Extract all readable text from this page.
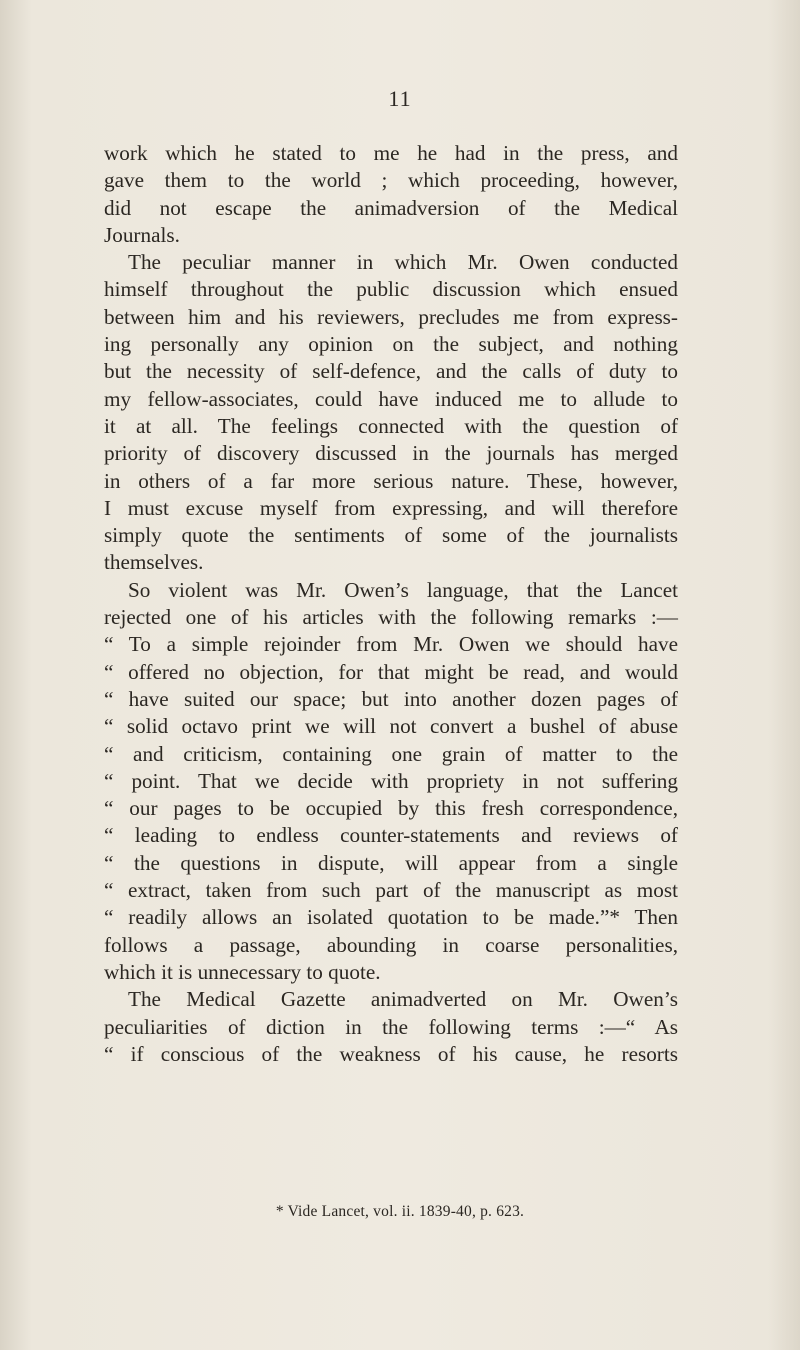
11
work which he stated to me he had in the press, and
gave them to the world ; which proceeding, however,
did not escape the animadversion of the Medical
Journals.
The peculiar manner in which Mr. Owen conducted
himself throughout the public discussion which ensued
between him and his reviewers, precludes me from express-
ing personally any opinion on the subject, and nothing
but the necessity of self-defence, and the calls of duty to
my fellow-associates, could have induced me to allude to
it at all. The feelings connected with the question of
priority of discovery discussed in the journals has merged
in others of a far more serious nature. These, however,
I must excuse myself from expressing, and will therefore
simply quote the sentiments of some of the journalists
themselves.
So violent was Mr. Owen’s language, that the Lancet
rejected one of his articles with the following remarks :—
“ To a simple rejoinder from Mr. Owen we should have
“ offered no objection, for that might be read, and would
“ have suited our space; but into another dozen pages of
“ solid octavo print we will not convert a bushel of abuse
“ and criticism, containing one grain of matter to the
“ point. That we decide with propriety in not suffering
“ our pages to be occupied by this fresh correspondence,
“ leading to endless counter-statements and reviews of
“ the questions in dispute, will appear from a single
“ extract, taken from such part of the manuscript as most
“ readily allows an isolated quotation to be made.”* Then
follows a passage, abounding in coarse personalities,
which it is unnecessary to quote.
The Medical Gazette animadverted on Mr. Owen’s
peculiarities of diction in the following terms :—“ As
“ if conscious of the weakness of his cause, he resorts
* Vide Lancet, vol. ii. 1839-40, p. 623.
